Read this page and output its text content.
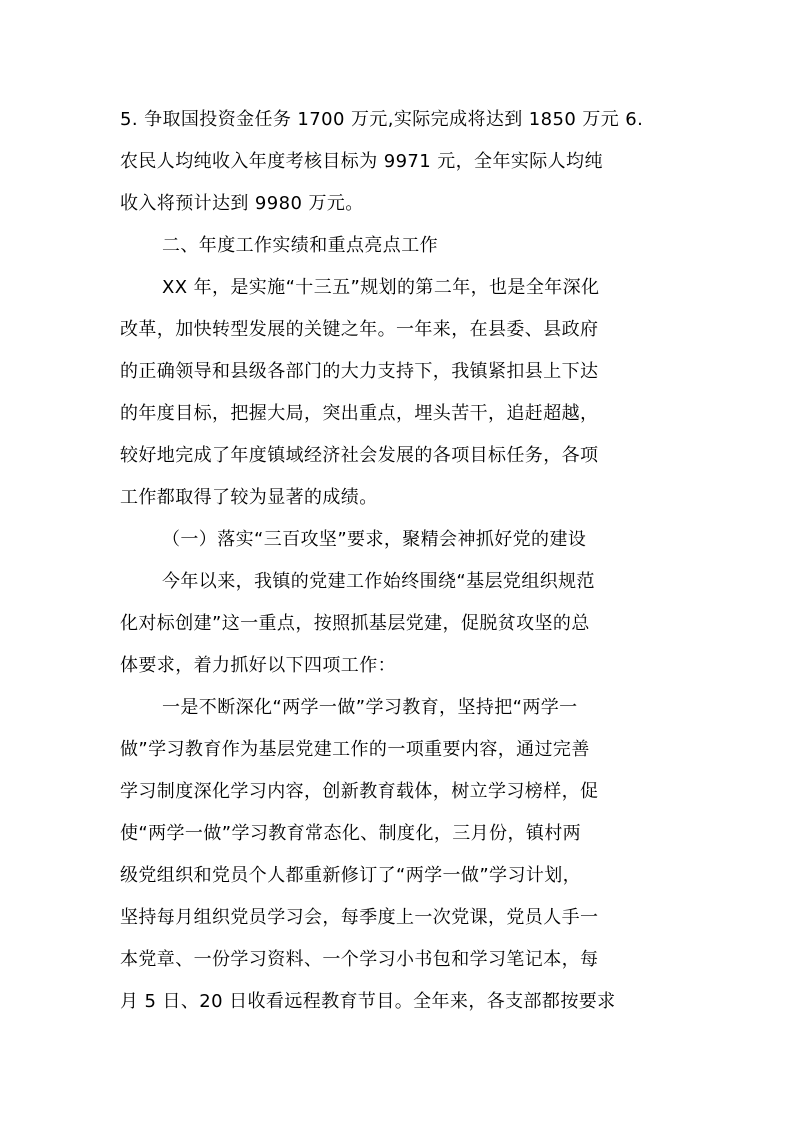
5. 争取国投资金任务 1700 万元,实际完成将达到 1850 万元 6.
农民人均纯收入年度考核目标为 9971 元，全年实际人均纯
收入将预计达到 9980 万元。
二、年度工作实绩和重点亮点工作
XX 年，是实施“十三五”规划的第二年，也是全年深化
改革，加快转型发展的关键之年。一年来，在县委、县政府
的正确领导和县级各部门的大力支持下，我镇紧扣县上下达
的年度目标，把握大局，突出重点，埋头苦干，追赶超越，
较好地完成了年度镇域经济社会发展的各项目标任务，各项
工作都取得了较为显著的成绩。
（一）落实“三百攻坚”要求，聚精会神抓好党的建设
今年以来，我镇的党建工作始终围绕“基层党组织规范
化对标创建”这一重点，按照抓基层党建，促脱贫攻坚的总
体要求，着力抓好以下四项工作：
一是不断深化“两学一做”学习教育，坚持把“两学一
做”学习教育作为基层党建工作的一项重要内容，通过完善
学习制度深化学习内容，创新教育载体，树立学习榜样，促
使“两学一做”学习教育常态化、制度化，三月份，镇村两
级党组织和党员个人都重新修订了“两学一做”学习计划，
坚持每月组织党员学习会，每季度上一次党课，党员人手一
本党章、一份学习资料、一个学习小书包和学习笔记本，每
月 5 日、20 日收看远程教育节目。全年来，各支部都按要求
